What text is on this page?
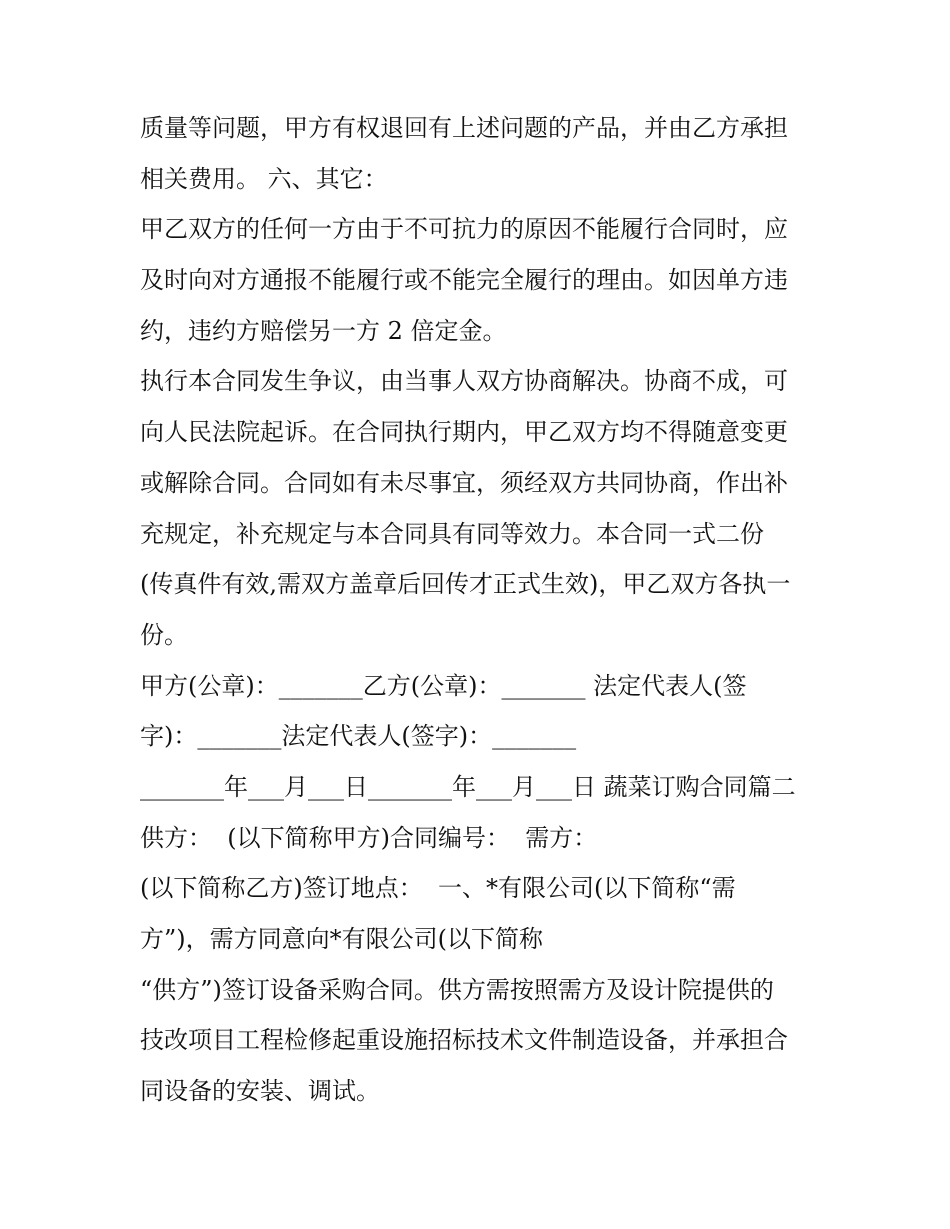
质量等问题，甲方有权退回有上述问题的产品，并由乙方承担
相关费用。 六、其它：
甲乙双方的任何一方由于不可抗力的原因不能履行合同时，应
及时向对方通报不能履行或不能完全履行的理由。如因单方违
约，违约方赔偿另一方 2 倍定金。
执行本合同发生争议，由当事人双方协商解决。协商不成，可
向人民法院起诉。在合同执行期内，甲乙双方均不得随意变更
或解除合同。合同如有未尽事宜，须经双方共同协商，作出补
充规定，补充规定与本合同具有同等效力。本合同一式二份
(传真件有效,需双方盖章后回传才正式生效)，甲乙双方各执一
份。
甲方(公章)：_______乙方(公章)：_______ 法定代表人(签
字)：_______法定代表人(签字)：_______
_______年___月___日_______年___月___日 蔬菜订购合同篇二
供方：  (以下简称甲方)合同编号：  需方：
(以下简称乙方)签订地点：  一、*有限公司(以下简称“需
方”)，需方同意向*有限公司(以下简称
“供方”)签订设备采购合同。供方需按照需方及设计院提供的
技改项目工程检修起重设施招标技术文件制造设备，并承担合
同设备的安装、调试。
